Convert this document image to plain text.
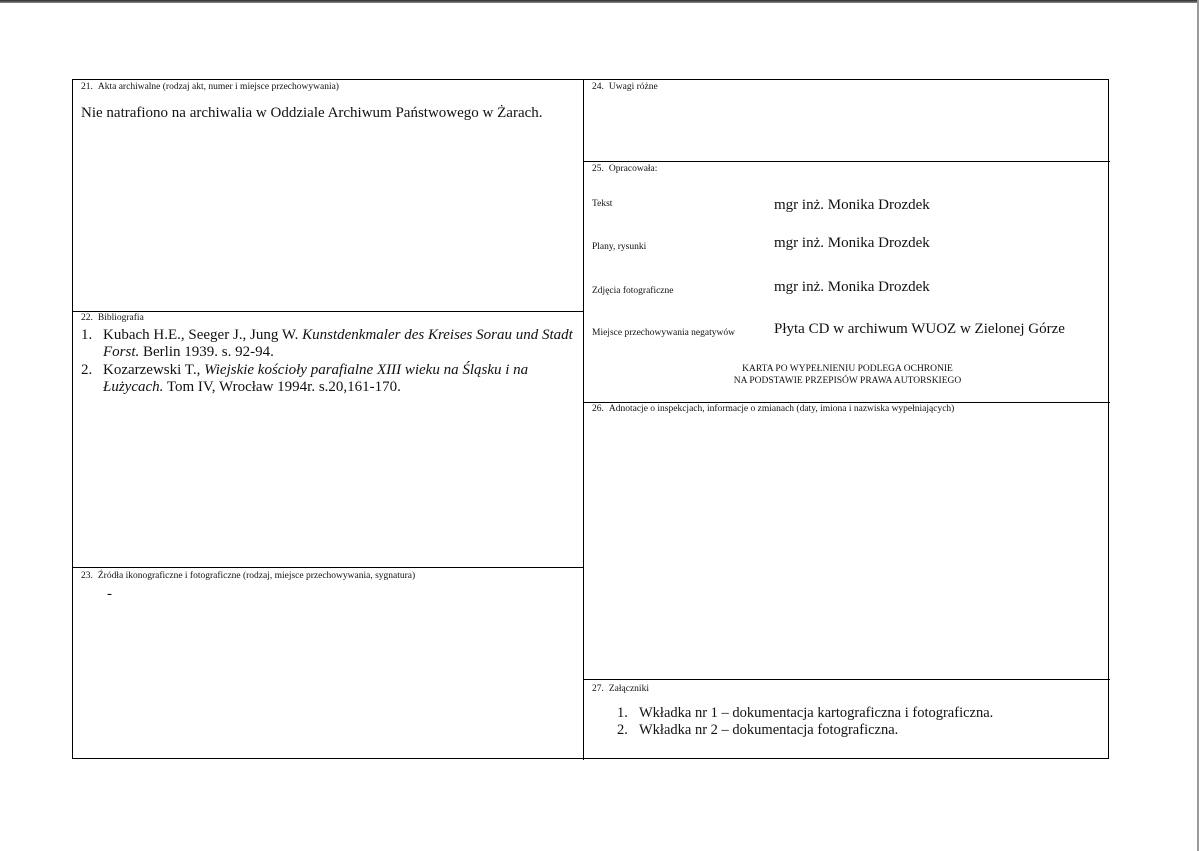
21. Akta archiwalne (rodzaj akt, numer i miejsce przechowywania)
Nie natrafiono na archiwalia w Oddziale Archiwum Państwowego w Żarach.
22. Bibliografia
1. Kubach H.E., Seeger J., Jung W. Kunstdenkmaler des Kreises Sorau und Stadt Forst. Berlin 1939. s. 92-94.
2. Kozarzewski T., Wiejskie kościoły parafialne XIII wieku na Śląsku i na Łużycach. Tom IV, Wrocław 1994r. s.20,161-170.
23. Źródła ikonograficzne i fotograficzne (rodzaj, miejsce przechowywania, sygnatura)
-
24. Uwagi różne
25. Opracowała:
Tekst	mgr inż. Monika Drozdek
Plany, rysunki	mgr inż. Monika Drozdek
Zdjęcia fotograficzne	mgr inż. Monika Drozdek
Miejsce przechowywania negatywów	Płyta CD w archiwum WUOZ w Zielonej Górze
KARTA PO WYPEŁNIENIU PODLEGA OCHRONIE
NA PODSTAWIE PRZEPISÓW PRAWA AUTORSKIEGO
26. Adnotacje o inspekcjach, informacje o zmianach (daty, imiona i nazwiska wypełniających)
27. Załączniki
1. Wkładka nr 1 – dokumentacja kartograficzna i fotograficzna.
2. Wkładka nr 2 – dokumentacja fotograficzna.
